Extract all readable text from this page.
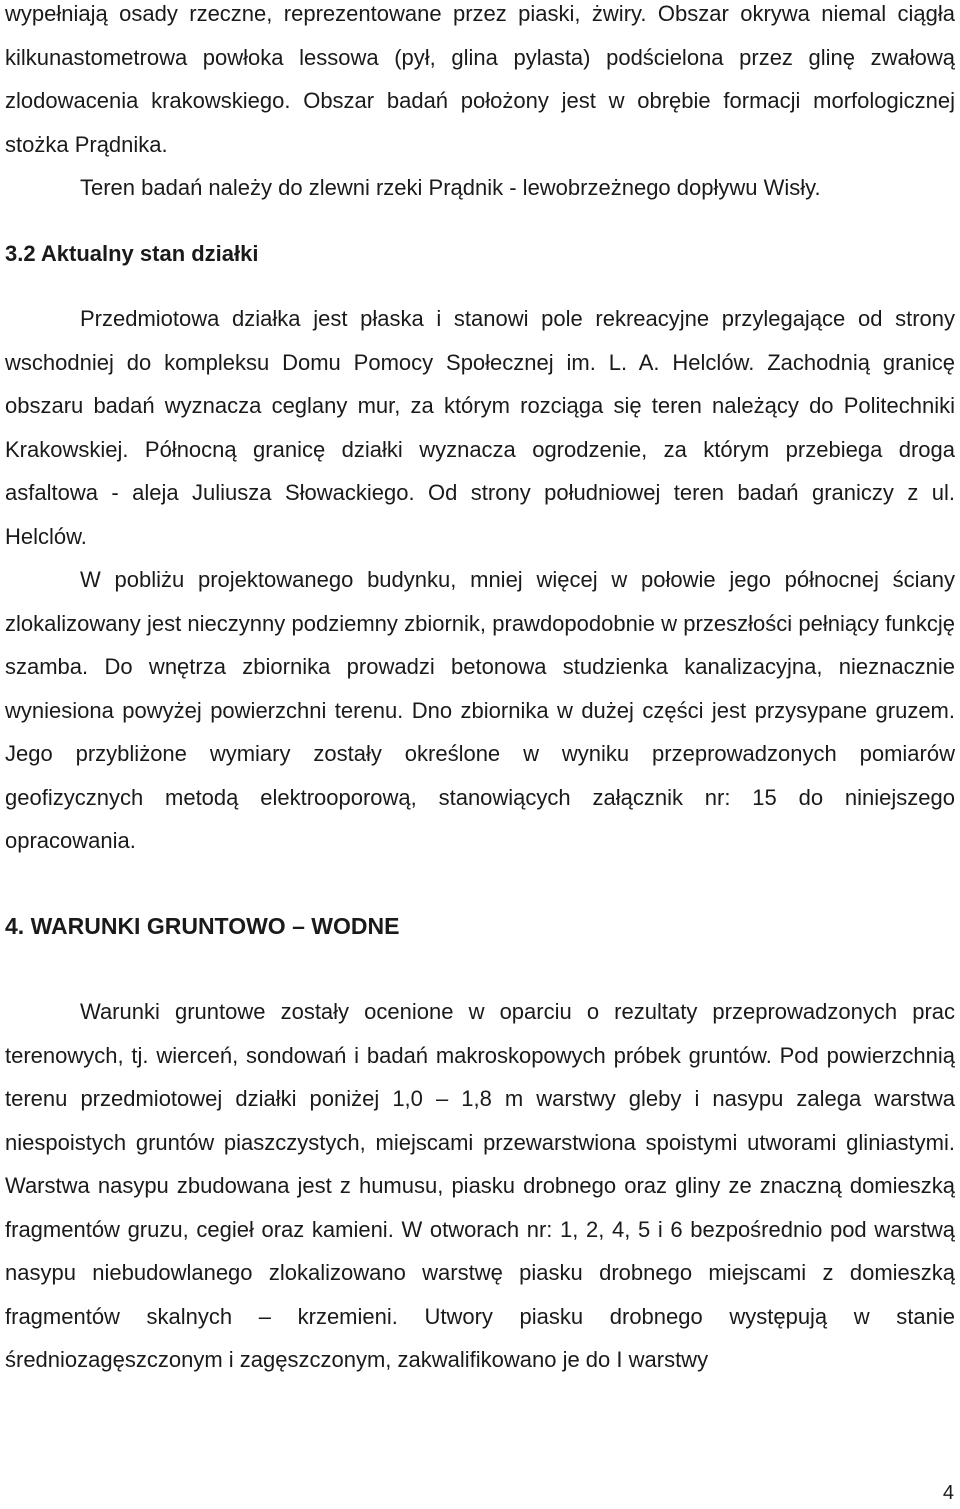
wypełniają osady rzeczne, reprezentowane przez piaski, żwiry. Obszar okrywa niemal ciągła kilkunastometrowa powłoka lessowa (pył, glina pylasta) podścielona przez glinę zwałową zlodowacenia krakowskiego. Obszar badań położony jest w obrębie formacji morfologicznej stożka Prądnika.

Teren badań należy do zlewni rzeki Prądnik - lewobrzeżnego dopływu Wisły.

3.2 Aktualny stan działki

Przedmiotowa działka jest płaska i stanowi pole rekreacyjne przylegające od strony wschodniej do kompleksu Domu Pomocy Społecznej im. L. A. Helclów. Zachodnią granicę obszaru badań wyznacza ceglany mur, za którym rozciąga się teren należący do Politechniki Krakowskiej. Północną granicę działki wyznacza ogrodzenie, za którym przebiega droga asfaltowa - aleja Juliusza Słowackiego. Od strony południowej teren badań graniczy z ul. Helclów.

W pobliżu projektowanego budynku, mniej więcej w połowie jego północnej ściany zlokalizowany jest nieczynny podziemny zbiornik, prawdopodobnie w przeszłości pełniący funkcję szamba. Do wnętrza zbiornika prowadzi betonowa studzienka kanalizacyjna, nieznacznie wyniesiona powyżej powierzchni terenu. Dno zbiornika w dużej części jest przysypane gruzem. Jego przybliżone wymiary zostały określone w wyniku przeprowadzonych pomiarów geofizycznych metodą elektrooporową, stanowiących załącznik nr: 15 do niniejszego opracowania.

4. WARUNKI GRUNTOWO – WODNE

Warunki gruntowe zostały ocenione w oparciu o rezultaty przeprowadzonych prac terenowych, tj. wierceń, sondowań i badań makroskopowych próbek gruntów. Pod powierzchnią terenu przedmiotowej działki poniżej 1,0 – 1,8 m warstwy gleby i nasypu zalega warstwa niespoistych gruntów piaszczystych, miejscami przewarstwiona spoistymi utworami gliniastymi. Warstwa nasypu zbudowana jest z humusu, piasku drobnego oraz gliny ze znaczną domieszką fragmentów gruzu, cegieł oraz kamieni. W otworach nr: 1, 2, 4, 5 i 6 bezpośrednio pod warstwą nasypu niebudowlanego zlokalizowano warstwę piasku drobnego miejscami z domieszką fragmentów skalnych – krzemieni. Utwory piasku drobnego występują w stanie średniozagęszczonym i zagęszczonym, zakwalifikowano je do I warstwy

4
